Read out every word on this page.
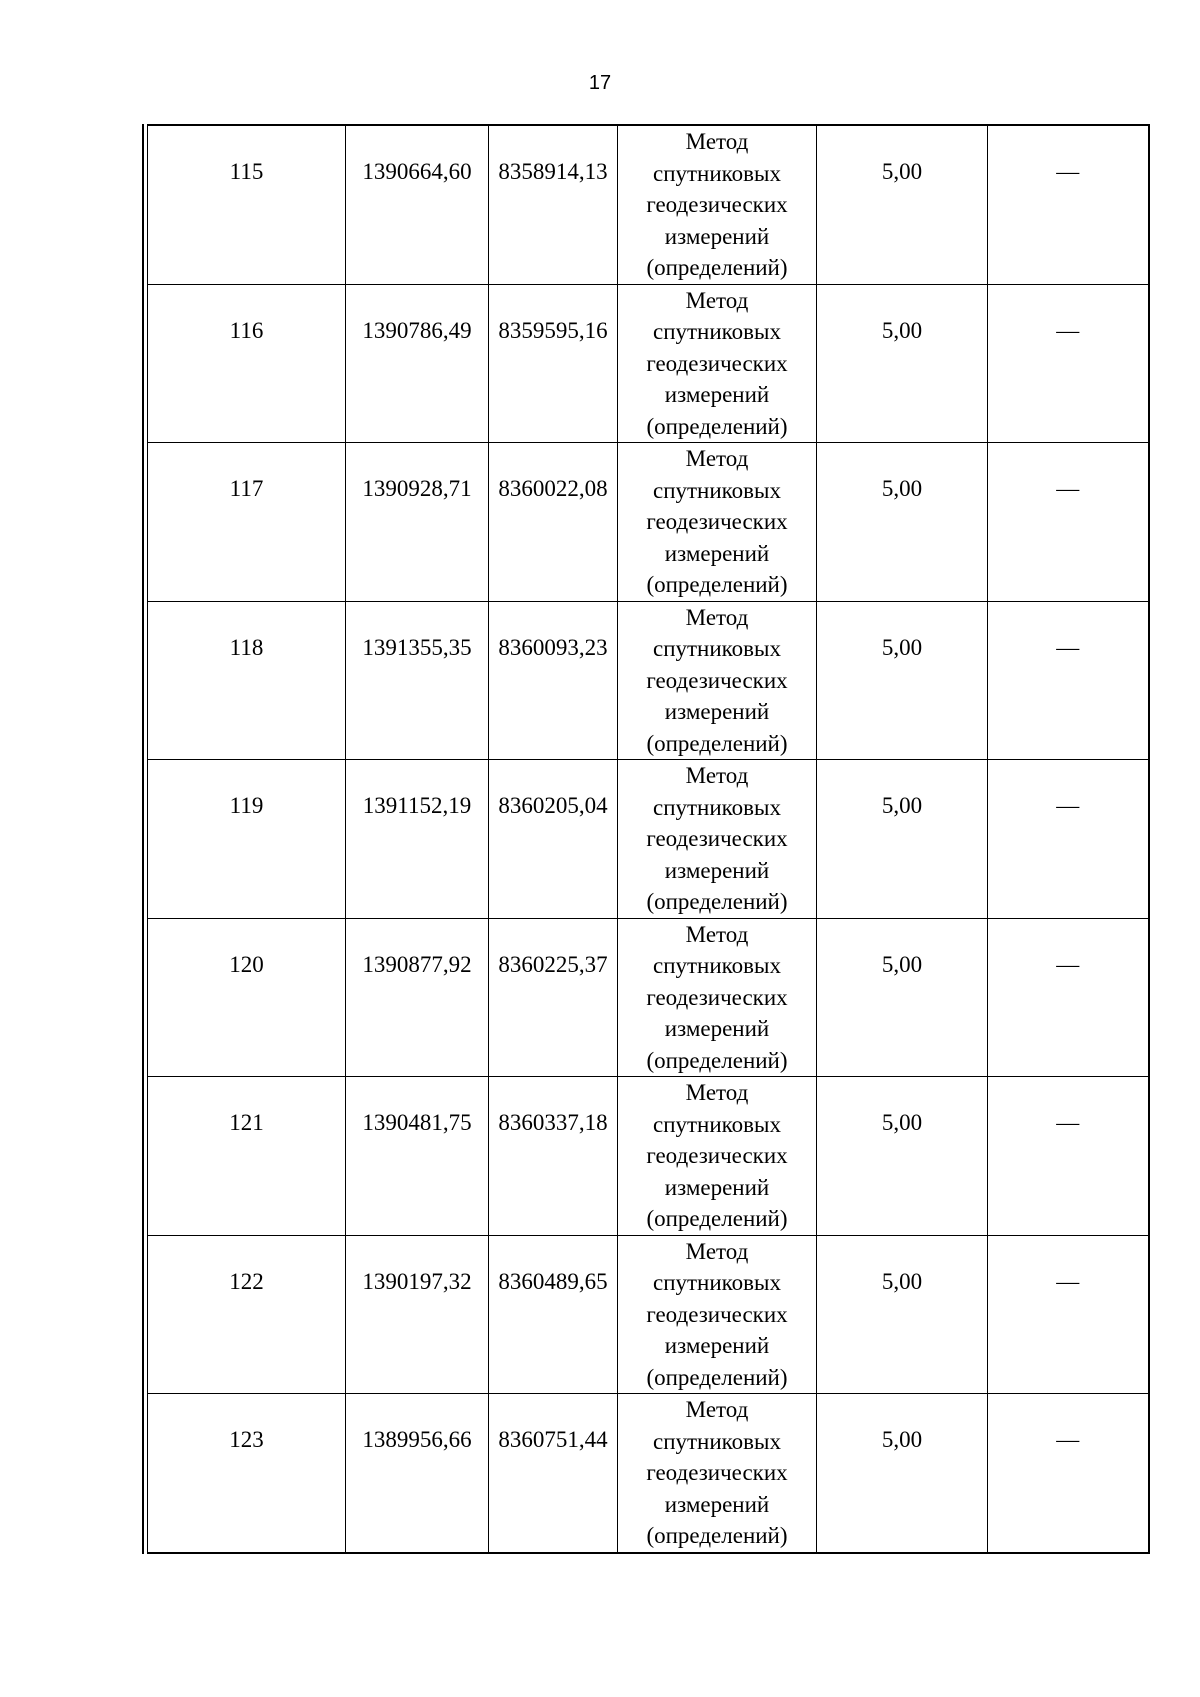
17
115	1390664,60	8358914,13	Метод
спутниковых
геодезических
измерений
(определений)	5,00	—
116	1390786,49	8359595,16	Метод
спутниковых
геодезических
измерений
(определений)	5,00	—
117	1390928,71	8360022,08	Метод
спутниковых
геодезических
измерений
(определений)	5,00	—
118	1391355,35	8360093,23	Метод
спутниковых
геодезических
измерений
(определений)	5,00	—
119	1391152,19	8360205,04	Метод
спутниковых
геодезических
измерений
(определений)	5,00	—
120	1390877,92	8360225,37	Метод
спутниковых
геодезических
измерений
(определений)	5,00	—
121	1390481,75	8360337,18	Метод
спутниковых
геодезических
измерений
(определений)	5,00	—
122	1390197,32	8360489,65	Метод
спутниковых
геодезических
измерений
(определений)	5,00	—
123	1389956,66	8360751,44	Метод
спутниковых
геодезических
измерений
(определений)	5,00	—
